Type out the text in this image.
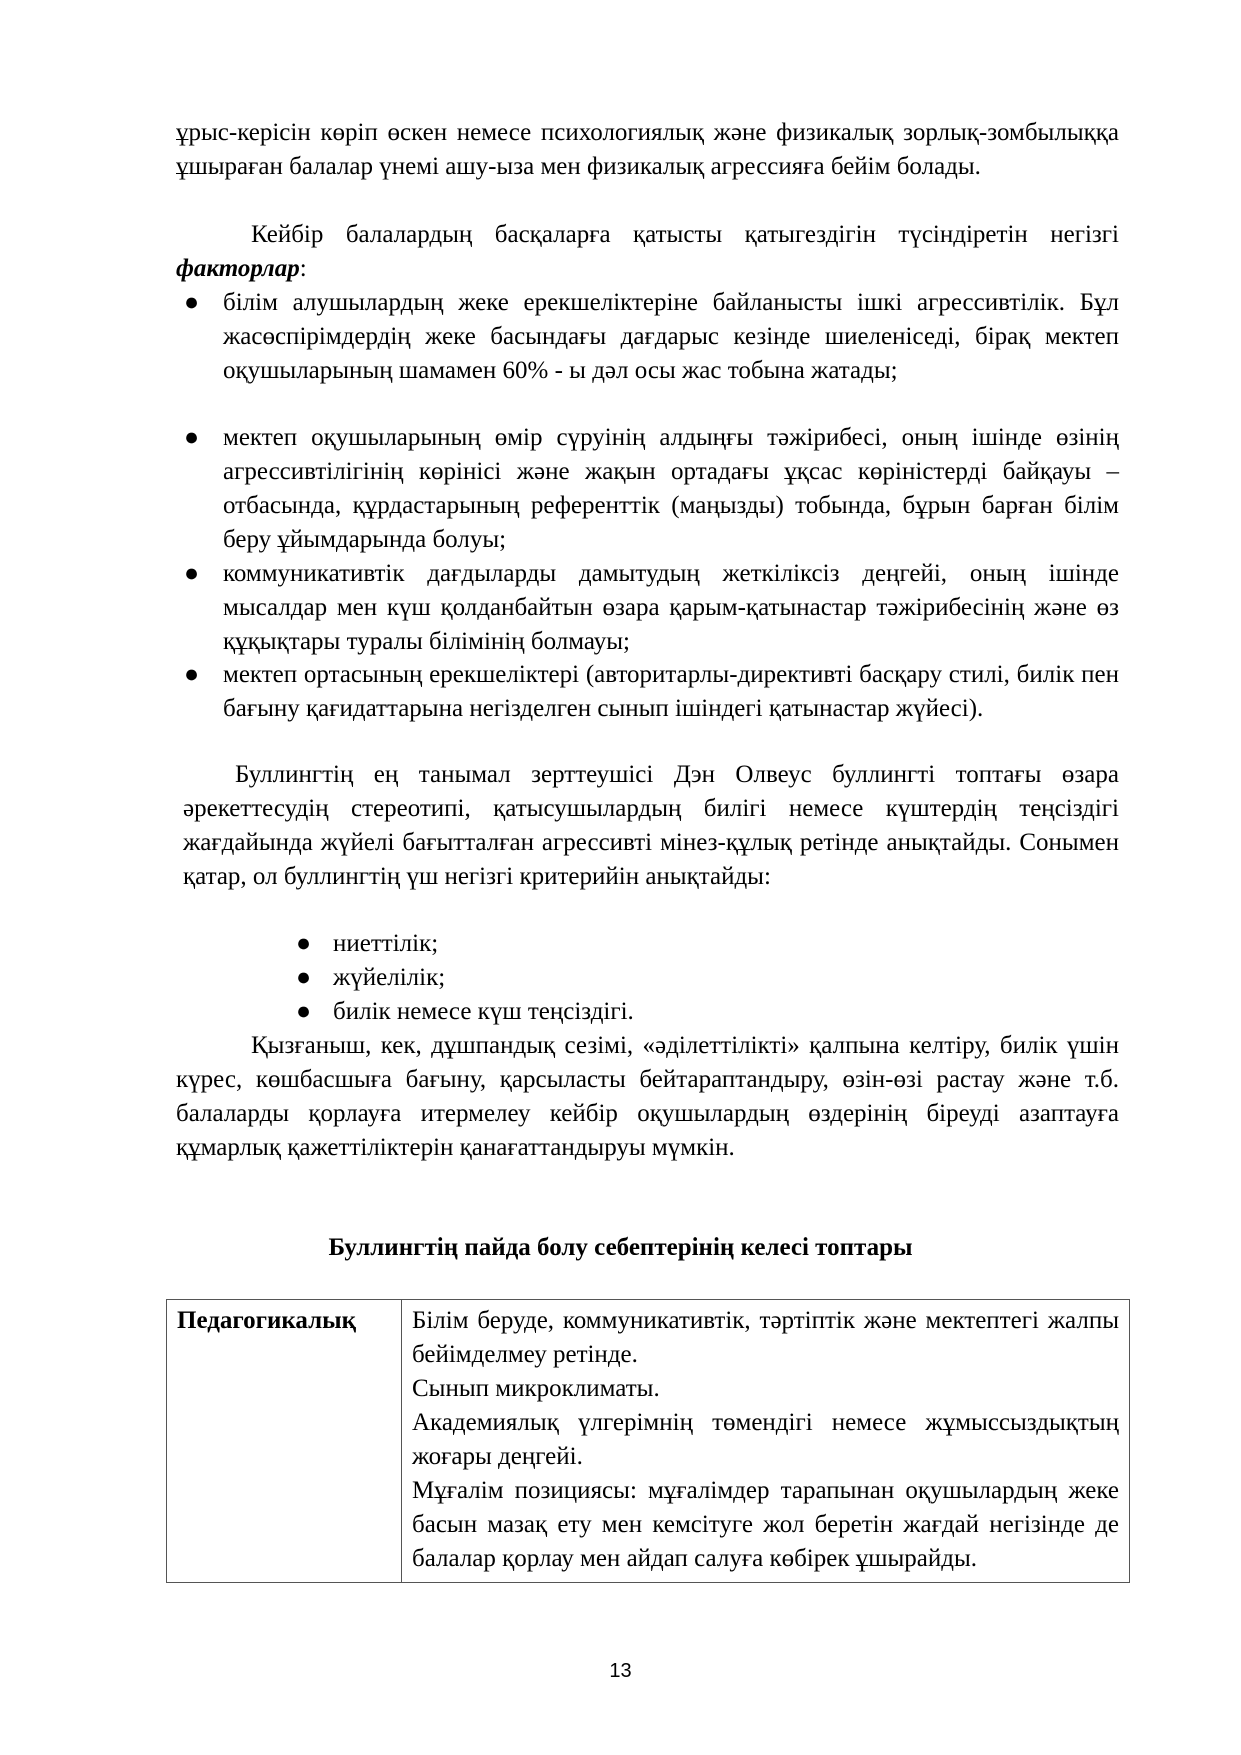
ұрыс-керісін көріп өскен немесе психологиялық және физикалық зорлық-зомбылыққа ұшыраған балалар үнемі ашу-ыза мен физикалық агрессияға бейім болады.

Кейбір балалардың басқаларға қатысты қатыгездігін түсіндіретін негізгі факторлар:

● білім алушылардың жеке ерекшеліктеріне байланысты ішкі агрессивтілік. Бұл жасөспірімдердің жеке басындағы дағдарыс кезінде шиеленіседі, бірақ мектеп оқушыларының шамамен 60% - ы дәл осы жас тобына жатады;

● мектеп оқушыларының өмір сүруінің алдыңғы тәжірибесі, оның ішінде өзінің агрессивтілігінің көрінісі және жақын ортадағы ұқсас көріністерді байқауы – отбасында, құрдастарының референттік (маңызды) тобында, бұрын барған білім беру ұйымдарында болуы;

● коммуникативтік дағдыларды дамытудың жеткіліксіз деңгейі, оның ішінде мысалдар мен күш қолданбайтын өзара қарым-қатынастар тәжірибесінің және өз құқықтары туралы білімінің болмауы;

● мектеп ортасының ерекшеліктері (авторитарлы-директивті басқару стилі, билік пен бағыну қағидаттарына негізделген сынып ішіндегі қатынастар жүйесі).

Буллингтің ең танымал зерттеушісі Дэн Олвеус буллингті топтағы өзара әрекеттесудің стереотипі, қатысушылардың билігі немесе күштердің теңсіздігі жағдайында жүйелі бағытталған агрессивті мінез-құлық ретінде анықтайды. Сонымен қатар, ол буллингтің үш негізгі критерийін анықтайды:

● ниеттілік;

● жүйелілік;

● билік немесе күш теңсіздігі.

Қызғаныш, кек, дұшпандық сезімі, «әділеттілікті» қалпына келтіру, билік үшін күрес, көшбасшыға бағыну, қарсыласты бейтараптандыру, өзін-өзі растау және т.б. балаларды қорлауға итермелеу кейбір оқушылардың өздерінің біреуді азаптауға құмарлық қажеттіліктерін қанағаттандыруы мүмкін.

Буллингтің пайда болу себептерінің келесі топтары
Педагогикалық	Білім беруде, коммуникативтік, тәртіптік және мектептегі жалпы бейімделмеу ретінде.

Сынып микроклиматы.

Академиялық үлгерімнің төмендігі немесе жұмыссыздықтың жоғары деңгейі.

Мұғалім позициясы: мұғалімдер тарапынан оқушылардың жеке басын мазақ ету мен кемсітуге жол беретін жағдай негізінде де балалар қорлау мен айдап салуға көбірек ұшырайды.

13
